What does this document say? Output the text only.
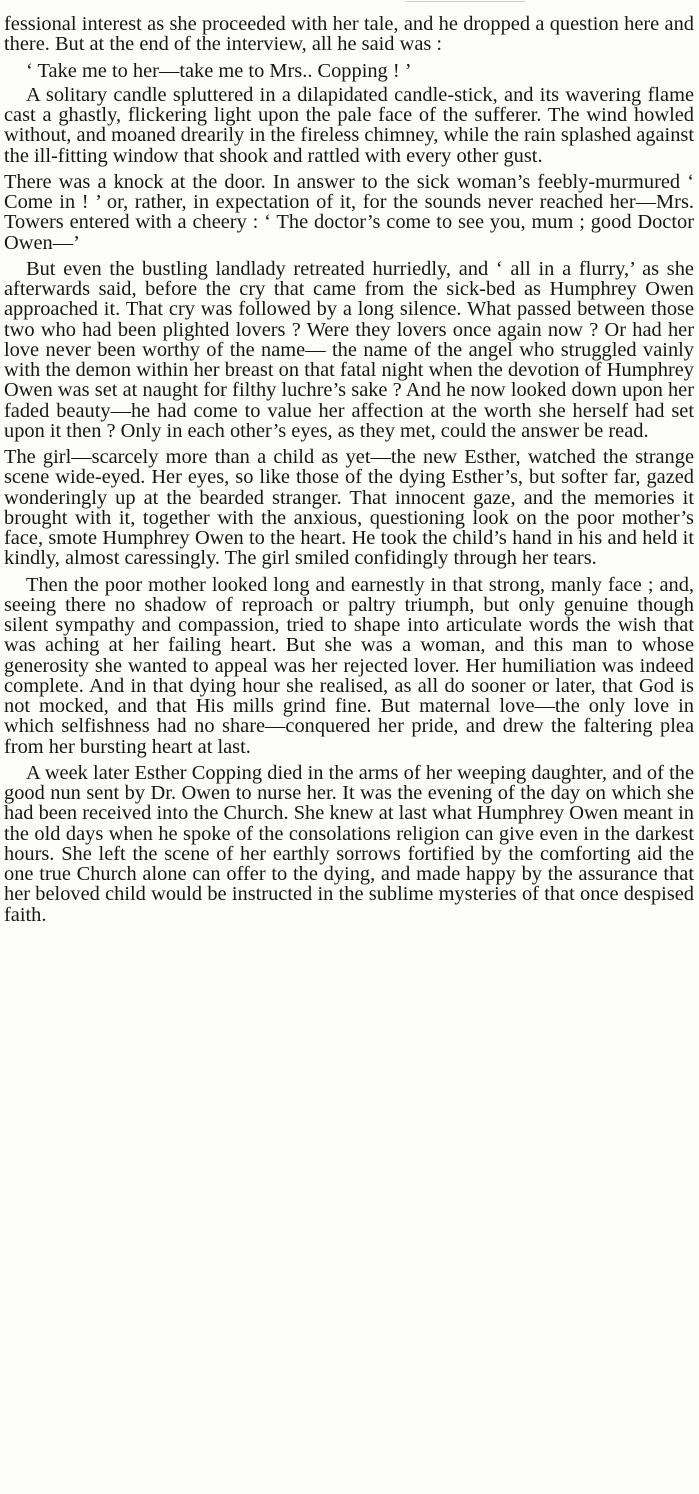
fessional interest as she proceeded with her tale, and he dropped a question here and there. But at the end of the interview, all he said was :

‘ Take me to her—take me to Mrs.. Copping ! ’

A solitary candle spluttered in a dilapidated candle-stick, and its wavering flame cast a ghastly, flickering light upon the pale face of the sufferer. The wind howled without, and moaned drearily in the fireless chimney, while the rain splashed against the ill-fitting window that shook and rattled with every other gust.

There was a knock at the door. In answer to the sick woman’s feebly-murmured ‘ Come in ! ’ or, rather, in expectation of it, for the sounds never reached her—Mrs. Towers entered with a cheery : ‘ The doctor’s come to see you, mum ; good Doctor Owen—’

But even the bustling landlady retreated hurriedly, and ‘ all in a flurry,’ as she afterwards said, before the cry that came from the sick-bed as Humphrey Owen approached it. That cry was followed by a long silence. What passed between those two who had been plighted lovers ? Were they lovers once again now ? Or had her love never been worthy of the name— the name of the angel who struggled vainly with the demon within her breast on that fatal night when the devotion of Humphrey Owen was set at naught for filthy luchre’s sake ? And he now looked down upon her faded beauty—he had come to value her affection at the worth she herself had set upon it then ? Only in each other’s eyes, as they met, could the answer be read.

The girl—scarcely more than a child as yet—the new Esther, watched the strange scene wide-eyed. Her eyes, so like those of the dying Esther’s, but softer far, gazed wonderingly up at the bearded stranger. That innocent gaze, and the memories it brought with it, together with the anxious, questioning look on the poor mother’s face, smote Humphrey Owen to the heart. He took the child’s hand in his and held it kindly, almost caressingly. The girl smiled confidingly through her tears.

Then the poor mother looked long and earnestly in that strong, manly face ; and, seeing there no shadow of reproach or paltry triumph, but only genuine though silent sympathy and compassion, tried to shape into articulate words the wish that was aching at her failing heart. But she was a woman, and this man to whose generosity she wanted to appeal was her rejected lover. Her humiliation was indeed complete. And in that dying hour she realised, as all do sooner or later, that God is not mocked, and that His mills grind fine. But maternal love—the only love in which selfishness had no share—conquered her pride, and drew the faltering plea from her bursting heart at last.

A week later Esther Copping died in the arms of her weeping daughter, and of the good nun sent by Dr. Owen to nurse her. It was the evening of the day on which she had been received into the Church. She knew at last what Humphrey Owen meant in the old days when he spoke of the consolations religion can give even in the darkest hours. She left the scene of her earthly sorrows fortified by the comforting aid the one true Church alone can offer to the dying, and made happy by the assurance that her beloved child would be instructed in the sublime mysteries of that once despised faith.
